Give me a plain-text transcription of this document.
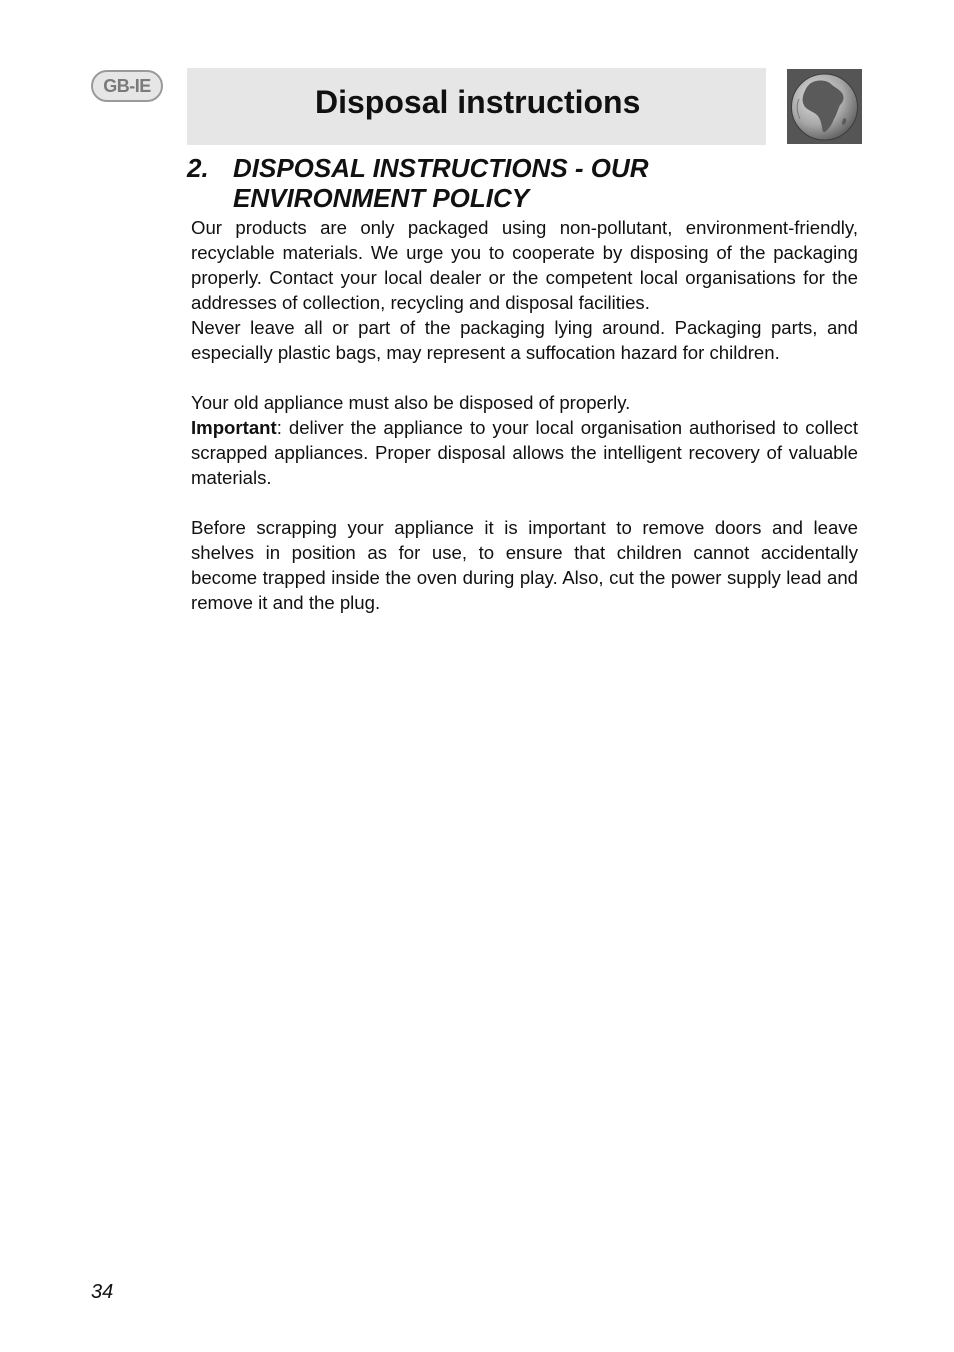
GB-IE	Disposal instructions
2. DISPOSAL INSTRUCTIONS - OUR ENVIRONMENT POLICY

Our products are only packaged using non-pollutant, environment-friendly, recyclable materials. We urge you to cooperate by disposing of the packaging properly. Contact your local dealer or the competent local organisations for the addresses of collection, recycling and disposal facilities.

Never leave all or part of the packaging lying around. Packaging parts, and especially plastic bags, may represent a suffocation hazard for children.

Your old appliance must also be disposed of properly.

Important: deliver the appliance to your local organisation authorised to collect scrapped appliances. Proper disposal allows the intelligent recovery of valuable materials.

Before scrapping your appliance it is important to remove doors and leave shelves in position as for use, to ensure that children cannot accidentally become trapped inside the oven during play. Also, cut the power supply lead and remove it and the plug.

34
